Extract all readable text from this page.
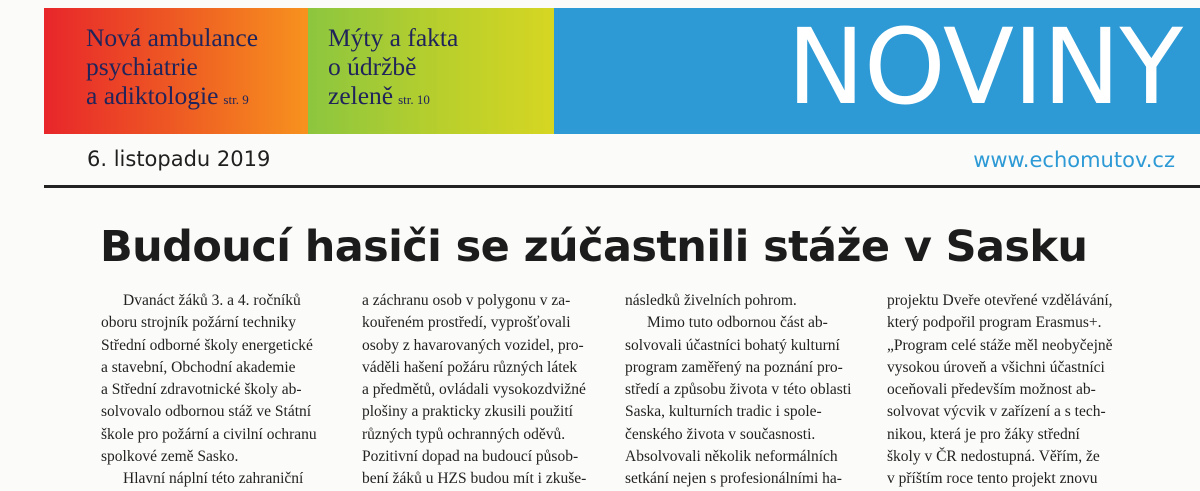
Nová ambulance
psychiatrie
a adiktologie str. 9
Mýty a fakta
o údržbě
zeleně str. 10	NOVINY
6. listopadu 2019	www.echomutov.cz
Budoucí hasiči se zúčastnili stáže v Sasku

Dvanáct žáků 3. a 4. ročníků

oboru strojník požární techniky

Střední odborné školy energetické

a stavební, Obchodní akademie

a Střední zdravotnické školy ab-

solvovalo odbornou stáž ve Státní

škole pro požární a civilní ochranu

spolkové země Sasko.

Hlavní náplní této zahraniční

a záchranu osob v polygonu v za-

kouřeném prostředí, vyprošťovali

osoby z havarovaných vozidel, pro-

váděli hašení požáru různých látek

a předmětů, ovládali vysokozdvižné

plošiny a prakticky zkusili použití

různých typů ochranných oděvů.

Pozitivní dopad na budoucí působ-

bení žáků u HZS budou mít i zkuše-

následků živelních pohrom.

Mimo tuto odbornou část ab-

solvovali účastníci bohatý kulturní

program zaměřený na poznání pro-

středí a způsobu života v této oblasti

Saska, kulturních tradic i spole-

čenského života v současnosti.

Absolvovali několik neformálních

setkání nejen s profesionálními ha-

projektu Dveře otevřené vzdělávání,

který podpořil program Erasmus+.

„Program celé stáže měl neobyčejně

vysokou úroveň a všichni účastníci

oceňovali především možnost ab-

solvovat výcvik v zařízení a s tech-

nikou, která je pro žáky střední

školy v ČR nedostupná. Věřím, že

v příštím roce tento projekt znovu
